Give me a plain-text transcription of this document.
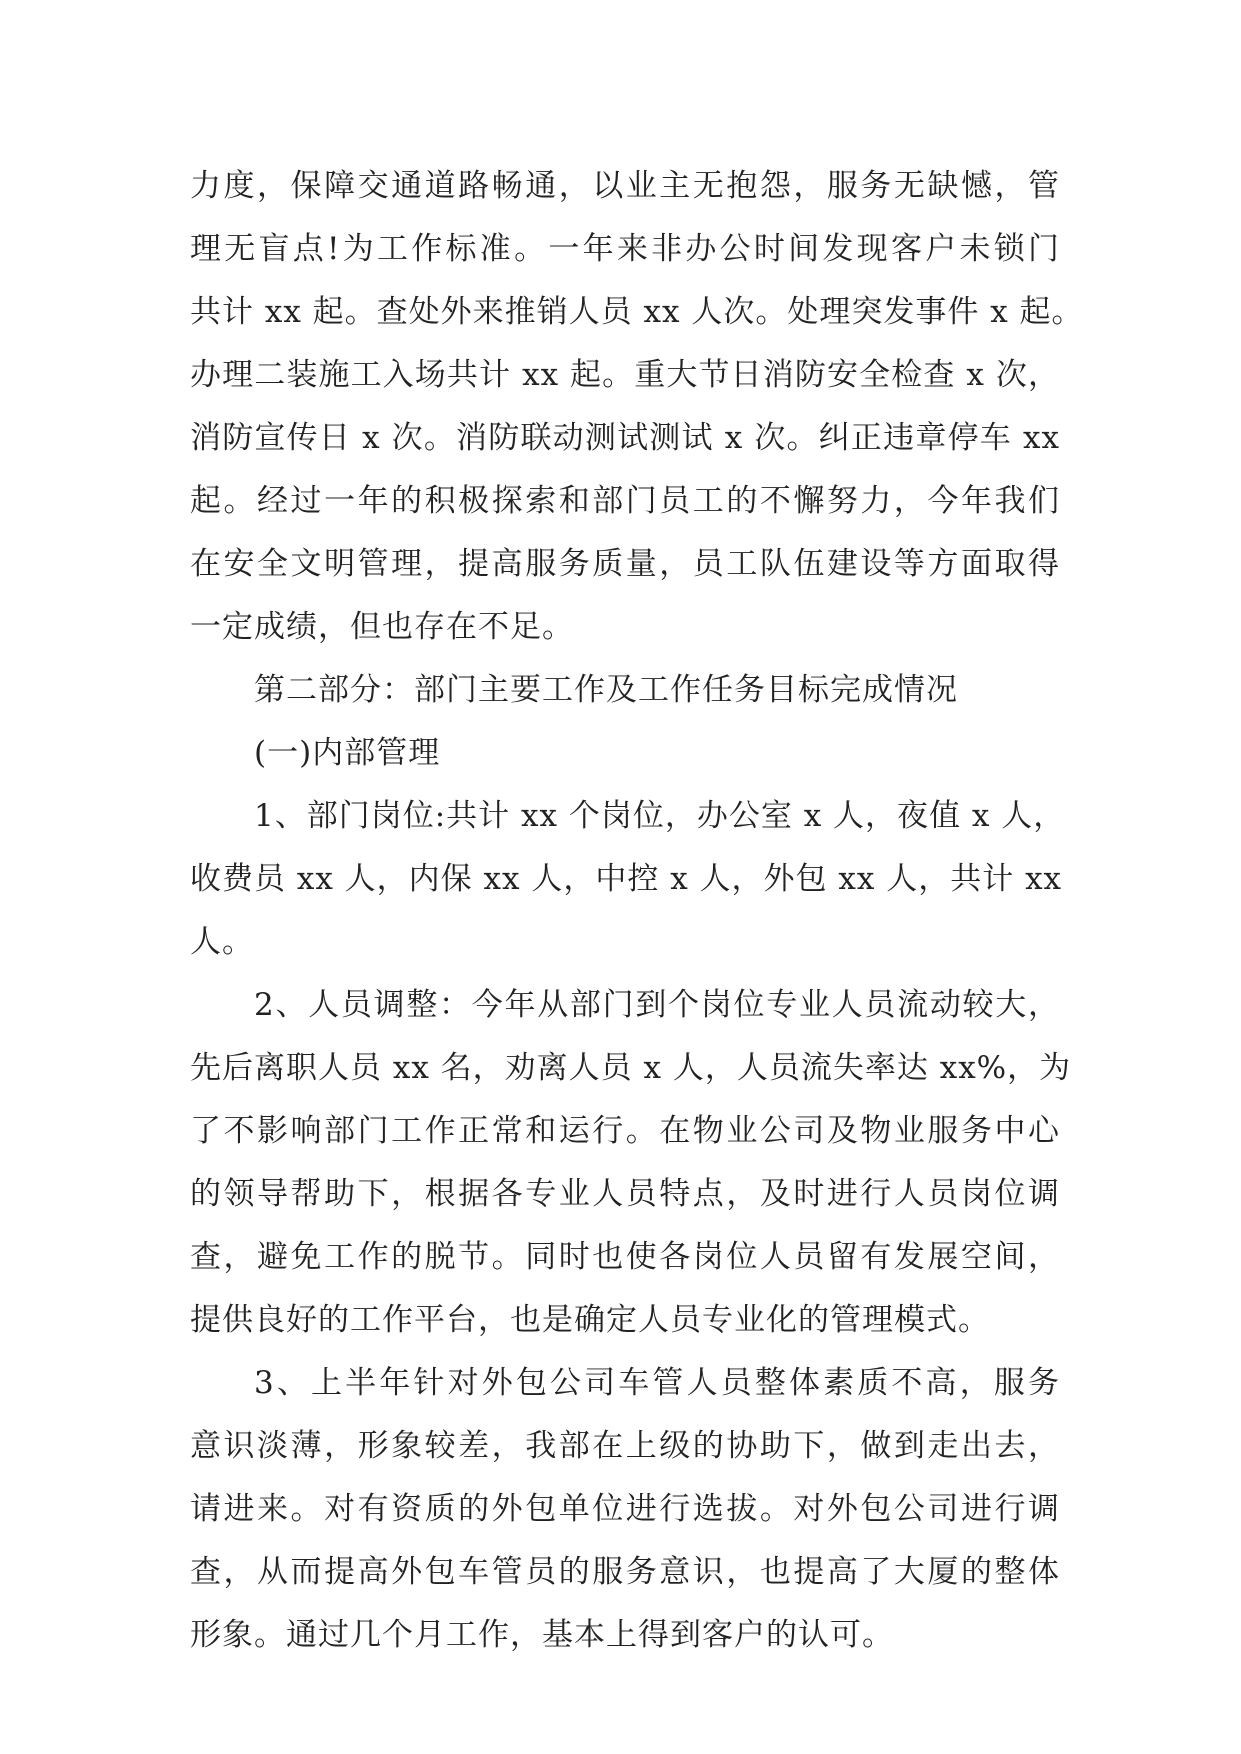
力度，保障交通道路畅通，以业主无抱怨，服务无缺憾，管
理无盲点!为工作标准。一年来非办公时间发现客户未锁门
共计 xx 起。查处外来推销人员 xx 人次。处理突发事件 x 起。
办理二装施工入场共计 xx 起。重大节日消防安全检查 x 次，
消防宣传日 x 次。消防联动测试测试 x 次。纠正违章停车 xx
起。经过一年的积极探索和部门员工的不懈努力，今年我们
在安全文明管理，提高服务质量，员工队伍建设等方面取得
一定成绩，但也存在不足。
第二部分：部门主要工作及工作任务目标完成情况
(一)内部管理
1、部门岗位:共计 xx 个岗位，办公室 x 人，夜值 x 人，
收费员 xx 人，内保 xx 人，中控 x 人，外包 xx 人，共计 xx
人。
2、人员调整：今年从部门到个岗位专业人员流动较大，
先后离职人员 xx 名，劝离人员 x 人，人员流失率达 xx%，为
了不影响部门工作正常和运行。在物业公司及物业服务中心
的领导帮助下，根据各专业人员特点，及时进行人员岗位调
查，避免工作的脱节。同时也使各岗位人员留有发展空间，
提供良好的工作平台，也是确定人员专业化的管理模式。
3、上半年针对外包公司车管人员整体素质不高，服务
意识淡薄，形象较差，我部在上级的协助下，做到走出去，
请进来。对有资质的外包单位进行选拔。对外包公司进行调
查，从而提高外包车管员的服务意识，也提高了大厦的整体
形象。通过几个月工作，基本上得到客户的认可。
